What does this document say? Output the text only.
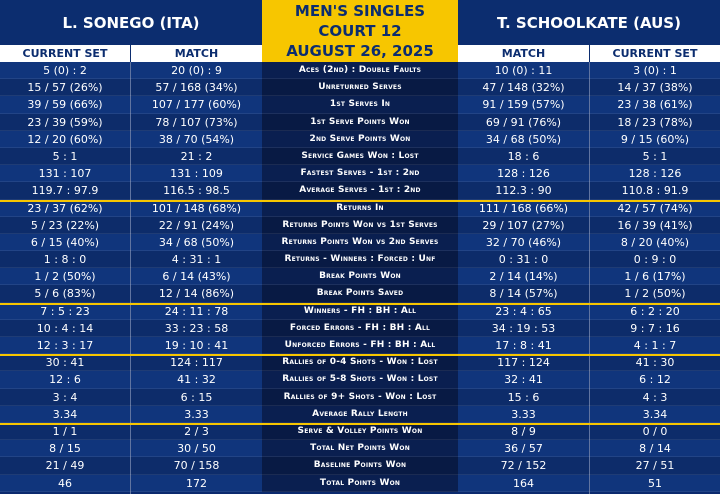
L. SONEGO (ITA)
MEN'S SINGLES
COURT 12
AUGUST 26, 2025
T. SCHOOLKATE (AUS)
CURRENT SET	MATCH	MATCH	CURRENT SET
5 (0) : 2	20 (0) : 9	Aces (2nd) : Double Faults	10 (0) : 11	3 (0) : 1
15 / 57 (26%)	57 / 168 (34%)	Unreturned Serves	47 / 148 (32%)	14 / 37 (38%)
39 / 59 (66%)	107 / 177 (60%)	1st Serves In	91 / 159 (57%)	23 / 38 (61%)
23 / 39 (59%)	78 / 107 (73%)	1st Serve Points Won	69 / 91 (76%)	18 / 23 (78%)
12 / 20 (60%)	38 / 70 (54%)	2nd Serve Points Won	34 / 68 (50%)	9 / 15 (60%)
5 : 1	21 : 2	Service Games Won : Lost	18 : 6	5 : 1
131 : 107	131 : 109	Fastest Serves - 1st : 2nd	128 : 126	128 : 126
119.7 : 97.9	116.5 : 98.5	Average Serves - 1st : 2nd	112.3 : 90	110.8 : 91.9
23 / 37 (62%)	101 / 148 (68%)	Returns In	111 / 168 (66%)	42 / 57 (74%)
5 / 23 (22%)	22 / 91 (24%)	Returns Points Won vs 1st Serves	29 / 107 (27%)	16 / 39 (41%)
6 / 15 (40%)	34 / 68 (50%)	Returns Points Won vs 2nd Serves	32 / 70 (46%)	8 / 20 (40%)
1 : 8 : 0	4 : 31 : 1	Returns - Winners : Forced : Unf	0 : 31 : 0	0 : 9 : 0
1 / 2 (50%)	6 / 14 (43%)	Break Points Won	2 / 14 (14%)	1 / 6 (17%)
5 / 6 (83%)	12 / 14 (86%)	Break Points Saved	8 / 14 (57%)	1 / 2 (50%)
7 : 5 : 23	24 : 11 : 78	Winners - FH : BH : All	23 : 4 : 65	6 : 2 : 20
10 : 4 : 14	33 : 23 : 58	Forced Errors - FH : BH : All	34 : 19 : 53	9 : 7 : 16
12 : 3 : 17	19 : 10 : 41	Unforced Errors - FH : BH : All	17 : 8 : 41	4 : 1 : 7
30 : 41	124 : 117	Rallies of 0-4 Shots - Won : Lost	117 : 124	41 : 30
12 : 6	41 : 32	Rallies of 5-8 Shots - Won : Lost	32 : 41	6 : 12
3 : 4	6 : 15	Rallies of 9+ Shots - Won : Lost	15 : 6	4 : 3
3.34	3.33	Average Rally Length	3.33	3.34
1 / 1	2 / 3	Serve & Volley Points Won	8 / 9	0 / 0
8 / 15	30 / 50	Total Net Points Won	36 / 57	8 / 14
21 / 49	70 / 158	Baseline Points Won	72 / 152	27 / 51
46	172	Total Points Won	164	51
